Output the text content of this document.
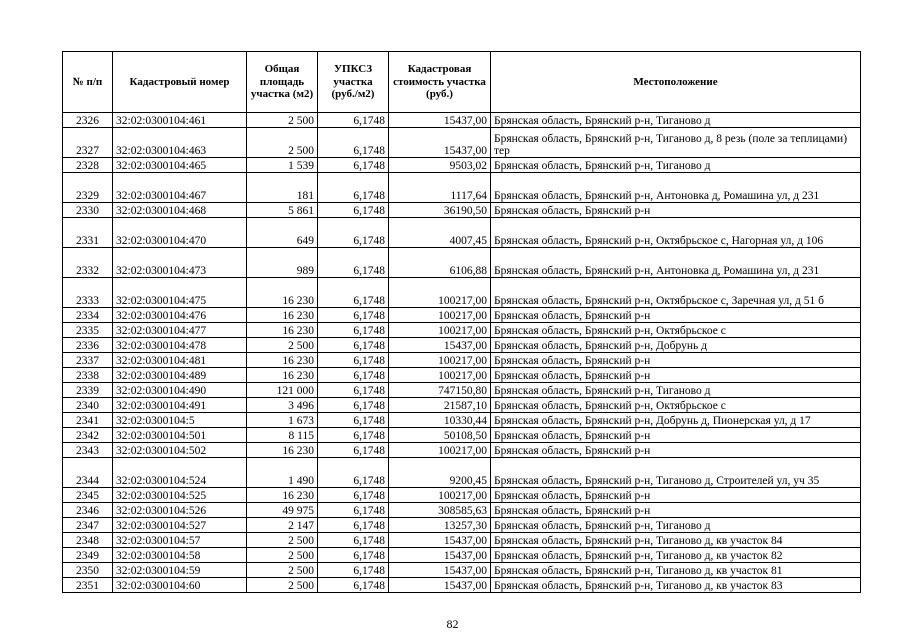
№ п/п	Кадастровый номер	Общая площадь участка (м2)	УПКСЗ участка (руб./м2)	Кадастровая стоимость участка (руб.)	Местоположение
2326	32:02:0300104:461	2 500	6,1748	15437,00	Брянская область, Брянский р-н, Тиганово д
2327	32:02:0300104:463	2 500	6,1748	15437,00	Брянская область, Брянский р-н, Тиганово д, 8 резь (поле за теплицами) тер
2328	32:02:0300104:465	1 539	6,1748	9503,02	Брянская область, Брянский р-н, Тиганово д
2329	32:02:0300104:467	181	6,1748	1117,64	Брянская область, Брянский р-н, Антоновка д, Ромашина ул, д 231
2330	32:02:0300104:468	5 861	6,1748	36190,50	Брянская область, Брянский р-н
2331	32:02:0300104:470	649	6,1748	4007,45	Брянская область, Брянский р-н, Октябрьское с, Нагорная ул, д 106
2332	32:02:0300104:473	989	6,1748	6106,88	Брянская область, Брянский р-н, Антоновка д, Ромашина ул, д 231
2333	32:02:0300104:475	16 230	6,1748	100217,00	Брянская область, Брянский р-н, Октябрьское с, Заречная ул, д 51 б
2334	32:02:0300104:476	16 230	6,1748	100217,00	Брянская область, Брянский р-н
2335	32:02:0300104:477	16 230	6,1748	100217,00	Брянская область, Брянский р-н, Октябрьское с
2336	32:02:0300104:478	2 500	6,1748	15437,00	Брянская область, Брянский р-н, Добрунь д
2337	32:02:0300104:481	16 230	6,1748	100217,00	Брянская область, Брянский р-н
2338	32:02:0300104:489	16 230	6,1748	100217,00	Брянская область, Брянский р-н
2339	32:02:0300104:490	121 000	6,1748	747150,80	Брянская область, Брянский р-н, Тиганово д
2340	32:02:0300104:491	3 496	6,1748	21587,10	Брянская область, Брянский р-н, Октябрьское с
2341	32:02:0300104:5	1 673	6,1748	10330,44	Брянская область, Брянский р-н, Добрунь д, Пионерская ул, д 17
2342	32:02:0300104:501	8 115	6,1748	50108,50	Брянская область, Брянский р-н
2343	32:02:0300104:502	16 230	6,1748	100217,00	Брянская область, Брянский р-н
2344	32:02:0300104:524	1 490	6,1748	9200,45	Брянская область, Брянский р-н, Тиганово д, Строителей ул, уч 35
2345	32:02:0300104:525	16 230	6,1748	100217,00	Брянская область, Брянский р-н
2346	32:02:0300104:526	49 975	6,1748	308585,63	Брянская область, Брянский р-н
2347	32:02:0300104:527	2 147	6,1748	13257,30	Брянская область, Брянский р-н, Тиганово д
2348	32:02:0300104:57	2 500	6,1748	15437,00	Брянская область, Брянский р-н, Тиганово д, кв участок 84
2349	32:02:0300104:58	2 500	6,1748	15437,00	Брянская область, Брянский р-н, Тиганово д, кв участок 82
2350	32:02:0300104:59	2 500	6,1748	15437,00	Брянская область, Брянский р-н, Тиганово д, кв участок 81
2351	32:02:0300104:60	2 500	6,1748	15437,00	Брянская область, Брянский р-н, Тиганово д, кв участок 83
82
